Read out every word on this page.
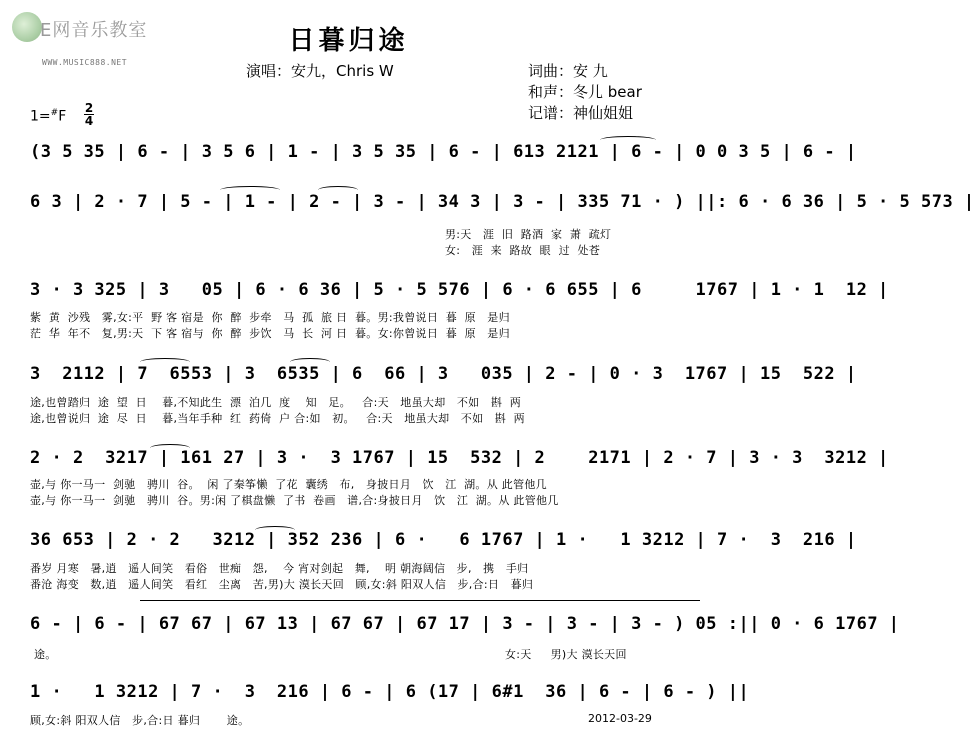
E网音乐教室
WWW.MUSIC888.NET
日暮归途
演唱：安九，Chris W	词曲：安 九
和声：冬儿 bear
记谱：神仙姐姐
1=#F
2
4
(3 5 35 | 6 - | 3 5 6 | 1 - | 3 5 35 | 6 - | 613 2121 | 6 - | 0 0 3 5 | 6 - |
6 3 | 2 · 7 | 5 - | 1 - | 2 - | 3 - | 34 3 | 3 - | 335 71 · ) ||: 6 · 6 36 | 5 · 5 573 |
男:天   涯  旧  路酒  家  萧  疏灯
女:   涯  来  路故  眼  过  处苍
3 · 3 325 | 3   05 | 6 · 6 36 | 5 · 5 576 | 6 · 6 655 | 6     1767 | 1 · 1  12 |
紫  黄  沙残   雾,女:平  野 客 宿是  你  醉  步牵   马  孤  旅 日  暮。男:我曾说日  暮  原   是归
茫  华  年不   复,男:天  下 客 宿与  你  醉  步饮   马  长  河 日  暮。女:你曾说日  暮  原   是归
3  2112 | 7  6553 | 3  6535 | 6  66 | 3   035 | 2 - | 0 · 3  1767 | 15  522 |
途,也曾踏归  途  望  日    暮,不知此生  漂  泊几  度    知   足。   合:天   地虽大却   不如   斟  两
途,也曾说归  途  尽  日    暮,当年手种  红  药倚  户 合:如   初。   合:天   地虽大却   不如   斟  两
2 · 2  3217 | 161 27 | 3 ·  3 1767 | 15  532 | 2    2171 | 2 · 7 | 3 · 3  3212 |
壶,与 你一马一  剑驰   骋川  谷。  闲 了秦筝懒  了花  囊绣   布,   身披日月   饮   江  湖。从 此管他几
壶,与 你一马一  剑驰   骋川  谷。男:闲 了棋盘懒  了书  卷画   谱,合:身披日月   饮   江  湖。从 此管他几
36 653 | 2 · 2   3212 | 352 236 | 6 ·   6 1767 | 1 ·   1 3212 | 7 ·  3  216 |
番岁 月寒   暑,逍   遥人间笑   看俗   世痴   怨,    今 宵对剑起   舞,    明 朝海阔信   步,   携   手归
番沧 海变   数,逍   遥人间笑   看红   尘离   苦,男)大 漠长天回   顾,女:斜 阳双人信   步,合:日   暮归
6 - | 6 - | 67 67 | 67 13 | 67 67 | 67 17 | 3 - | 3 - | 3 - ) 05 :|| 0 · 6 1767 |
途。	女:天     男)大 漠长天回
1 ·   1 3212 | 7 ·  3  216 | 6 - | 6 (17 | 6#1  36 | 6 - | 6 - ) ||
顾,女:斜 阳双人信   步,合:日 暮归       途。	2012-03-29
